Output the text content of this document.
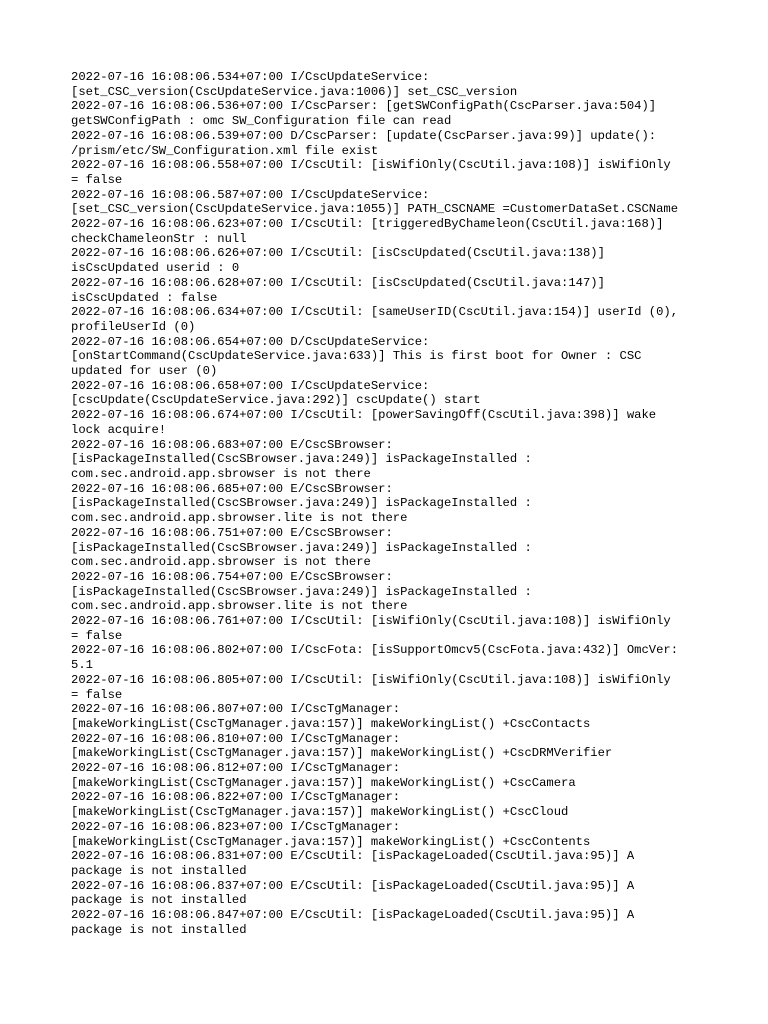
2022-07-16 16:08:06.534+07:00 I/CscUpdateService:
[set_CSC_version(CscUpdateService.java:1006)] set_CSC_version
2022-07-16 16:08:06.536+07:00 I/CscParser: [getSWConfigPath(CscParser.java:504)]
getSWConfigPath : omc SW_Configuration file can read
2022-07-16 16:08:06.539+07:00 D/CscParser: [update(CscParser.java:99)] update():
/prism/etc/SW_Configuration.xml file exist
2022-07-16 16:08:06.558+07:00 I/CscUtil: [isWifiOnly(CscUtil.java:108)] isWifiOnly
= false
2022-07-16 16:08:06.587+07:00 I/CscUpdateService:
[set_CSC_version(CscUpdateService.java:1055)] PATH_CSCNAME =CustomerDataSet.CSCName
2022-07-16 16:08:06.623+07:00 I/CscUtil: [triggeredByChameleon(CscUtil.java:168)]
checkChameleonStr : null
2022-07-16 16:08:06.626+07:00 I/CscUtil: [isCscUpdated(CscUtil.java:138)]
isCscUpdated userid : 0
2022-07-16 16:08:06.628+07:00 I/CscUtil: [isCscUpdated(CscUtil.java:147)]
isCscUpdated : false
2022-07-16 16:08:06.634+07:00 I/CscUtil: [sameUserID(CscUtil.java:154)] userId (0),
profileUserId (0)
2022-07-16 16:08:06.654+07:00 D/CscUpdateService:
[onStartCommand(CscUpdateService.java:633)] This is first boot for Owner : CSC
updated for user (0)
2022-07-16 16:08:06.658+07:00 I/CscUpdateService:
[cscUpdate(CscUpdateService.java:292)] cscUpdate() start
2022-07-16 16:08:06.674+07:00 I/CscUtil: [powerSavingOff(CscUtil.java:398)] wake
lock acquire!
2022-07-16 16:08:06.683+07:00 E/CscSBrowser:
[isPackageInstalled(CscSBrowser.java:249)] isPackageInstalled :
com.sec.android.app.sbrowser is not there
2022-07-16 16:08:06.685+07:00 E/CscSBrowser:
[isPackageInstalled(CscSBrowser.java:249)] isPackageInstalled :
com.sec.android.app.sbrowser.lite is not there
2022-07-16 16:08:06.751+07:00 E/CscSBrowser:
[isPackageInstalled(CscSBrowser.java:249)] isPackageInstalled :
com.sec.android.app.sbrowser is not there
2022-07-16 16:08:06.754+07:00 E/CscSBrowser:
[isPackageInstalled(CscSBrowser.java:249)] isPackageInstalled :
com.sec.android.app.sbrowser.lite is not there
2022-07-16 16:08:06.761+07:00 I/CscUtil: [isWifiOnly(CscUtil.java:108)] isWifiOnly
= false
2022-07-16 16:08:06.802+07:00 I/CscFota: [isSupportOmcv5(CscFota.java:432)] OmcVer:
5.1
2022-07-16 16:08:06.805+07:00 I/CscUtil: [isWifiOnly(CscUtil.java:108)] isWifiOnly
= false
2022-07-16 16:08:06.807+07:00 I/CscTgManager:
[makeWorkingList(CscTgManager.java:157)] makeWorkingList() +CscContacts
2022-07-16 16:08:06.810+07:00 I/CscTgManager:
[makeWorkingList(CscTgManager.java:157)] makeWorkingList() +CscDRMVerifier
2022-07-16 16:08:06.812+07:00 I/CscTgManager:
[makeWorkingList(CscTgManager.java:157)] makeWorkingList() +CscCamera
2022-07-16 16:08:06.822+07:00 I/CscTgManager:
[makeWorkingList(CscTgManager.java:157)] makeWorkingList() +CscCloud
2022-07-16 16:08:06.823+07:00 I/CscTgManager:
[makeWorkingList(CscTgManager.java:157)] makeWorkingList() +CscContents
2022-07-16 16:08:06.831+07:00 E/CscUtil: [isPackageLoaded(CscUtil.java:95)] A
package is not installed
2022-07-16 16:08:06.837+07:00 E/CscUtil: [isPackageLoaded(CscUtil.java:95)] A
package is not installed
2022-07-16 16:08:06.847+07:00 E/CscUtil: [isPackageLoaded(CscUtil.java:95)] A
package is not installed
